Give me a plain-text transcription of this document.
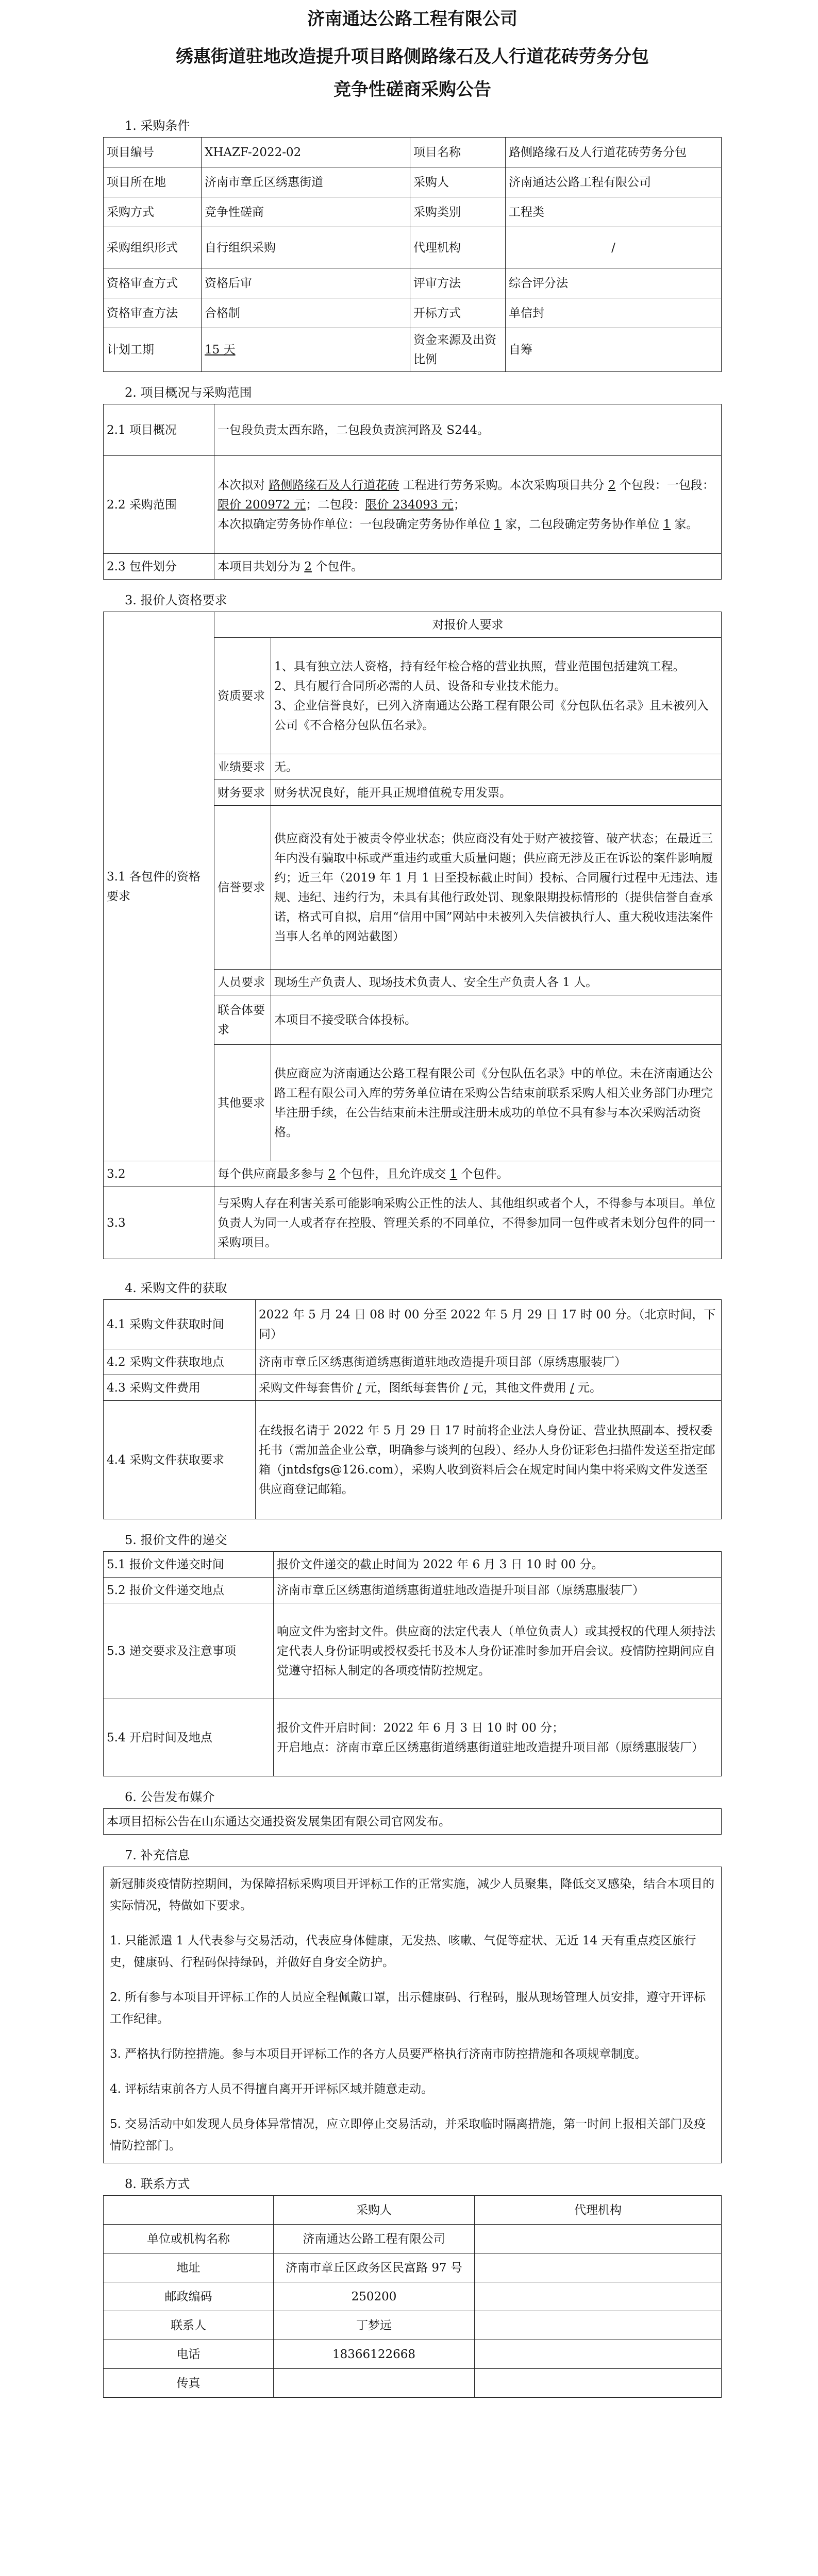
济南通达公路工程有限公司
绣惠街道驻地改造提升项目路侧路缘石及人行道花砖劳务分包
竞争性磋商采购公告
1. 采购条件
项目编号	XHAZF-2022-02	项目名称	路侧路缘石及人行道花砖劳务分包
项目所在地	济南市章丘区绣惠街道	采购人	济南通达公路工程有限公司
采购方式	竞争性磋商	采购类别	工程类
采购组织形式	自行组织采购	代理机构	/
资格审查方式	资格后审	评审方法	综合评分法
资格审查方法	合格制	开标方式	单信封
计划工期	15 天	资金来源及出资比例	自筹
2. 项目概况与采购范围
2.1 项目概况	一包段负责太西东路，二包段负责滨河路及 S244。
2.2 采购范围	本次拟对 路侧路缘石及人行道花砖 工程进行劳务采购。本次采购项目共分 2 个包段：一包段： 限价 200972 元；二包段：限价 234093 元；
本次拟确定劳务协作单位：一包段确定劳务协作单位 1 家，二包段确定劳务协作单位 1 家。
2.3 包件划分	本项目共划分为 2 个包件。
3. 报价人资格要求
3.1 各包件的资格要求	对报价人要求	
	资质要求	1、具有独立法人资格，持有经年检合格的营业执照，营业范围包括建筑工程。
2、具有履行合同所必需的人员、设备和专业技术能力。
3、企业信誉良好，已列入济南通达公路工程有限公司《分包队伍名录》且未被列入公司《不合格分包队伍名录》。

	业绩要求	无。
	财务要求	财务状况良好，能开具正规增值税专用发票。
	信誉要求	供应商没有处于被责令停业状态；供应商没有处于财产被接管、破产状态；在最近三年内没有骗取中标或严重违约或重大质量问题；供应商无涉及正在诉讼的案件影响履约；近三年（2019 年 1 月 1 日至投标截止时间）投标、合同履行过程中无违法、违规、违纪、违约行为，未具有其他行政处罚、现象限期投标情形的（提供信誉自查承诺，格式可自拟，启用“信用中国”网站中未被列入失信被执行人、重大税收违法案件当事人名单的网站截图）
	人员要求	现场生产负责人、现场技术负责人、安全生产负责人各 1 人。
	联合体要求	本项目不接受联合体投标。
	其他要求	供应商应为济南通达公路工程有限公司《分包队伍名录》中的单位。未在济南通达公路工程有限公司入库的劳务单位请在采购公告结束前联系采购人相关业务部门办理完毕注册手续，在公告结束前未注册或注册未成功的单位不具有参与本次采购活动资格。
3.2	每个供应商最多参与 2 个包件，且允许成交 1 个包件。	
3.3	与采购人存在利害关系可能影响采购公正性的法人、其他组织或者个人，不得参与本项目。单位负责人为同一人或者存在控股、管理关系的不同单位，不得参加同一包件或者未划分包件的同一采购项目。	
4. 采购文件的获取
4.1 采购文件获取时间	2022 年 5 月 24 日 08 时 00 分至 2022 年 5 月 29 日 17 时 00 分。（北京时间，下同）
4.2 采购文件获取地点	济南市章丘区绣惠街道绣惠街道驻地改造提升项目部（原绣惠服装厂）
4.3 采购文件费用	采购文件每套售价 / 元，图纸每套售价 / 元，其他文件费用 / 元。
4.4 采购文件获取要求	在线报名请于 2022 年 5 月 29 日 17 时前将企业法人身份证、营业执照副本、授权委托书（需加盖企业公章，明确参与谈判的包段）、经办人身份证彩色扫描件发送至指定邮箱（jntdsfgs@126.com），采购人收到资料后会在规定时间内集中将采购文件发送至供应商登记邮箱。
5. 报价文件的递交
5.1 报价文件递交时间	报价文件递交的截止时间为 2022 年 6 月 3 日 10 时 00 分。
5.2 报价文件递交地点	济南市章丘区绣惠街道绣惠街道驻地改造提升项目部（原绣惠服装厂）
5.3 递交要求及注意事项	响应文件为密封文件。供应商的法定代表人（单位负责人）或其授权的代理人须持法定代表人身份证明或授权委托书及本人身份证准时参加开启会议。疫情防控期间应自觉遵守招标人制定的各项疫情防控规定。
5.4 开启时间及地点	报价文件开启时间：2022 年 6 月 3 日 10 时 00 分；
开启地点：济南市章丘区绣惠街道绣惠街道驻地改造提升项目部（原绣惠服装厂）
6. 公告发布媒介
本项目招标公告在山东通达交通投资发展集团有限公司官网发布。
7. 补充信息

新冠肺炎疫情防控期间，为保障招标采购项目开评标工作的正常实施，减少人员聚集，降低交叉感染，结合本项目的实际情况，特做如下要求。

1. 只能派遣 1 人代表参与交易活动，代表应身体健康，无发热、咳嗽、气促等症状、无近 14 天有重点疫区旅行史，健康码、行程码保持绿码，并做好自身安全防护。

2. 所有参与本项目开评标工作的人员应全程佩戴口罩，出示健康码、行程码，服从现场管理人员安排，遵守开评标工作纪律。

3. 严格执行防控措施。参与本项目开评标工作的各方人员要严格执行济南市防控措施和各项规章制度。

4. 评标结束前各方人员不得擅自离开开评标区域并随意走动。

5. 交易活动中如发现人员身体异常情况，应立即停止交易活动，并采取临时隔离措施，第一时间上报相关部门及疫情防控部门。

8. 联系方式
	采购人	代理机构
单位或机构名称	济南通达公路工程有限公司	
地址	济南市章丘区政务区民富路 97 号	
邮政编码	250200	
联系人	丁梦远	
电话	18366122668	
传真		
